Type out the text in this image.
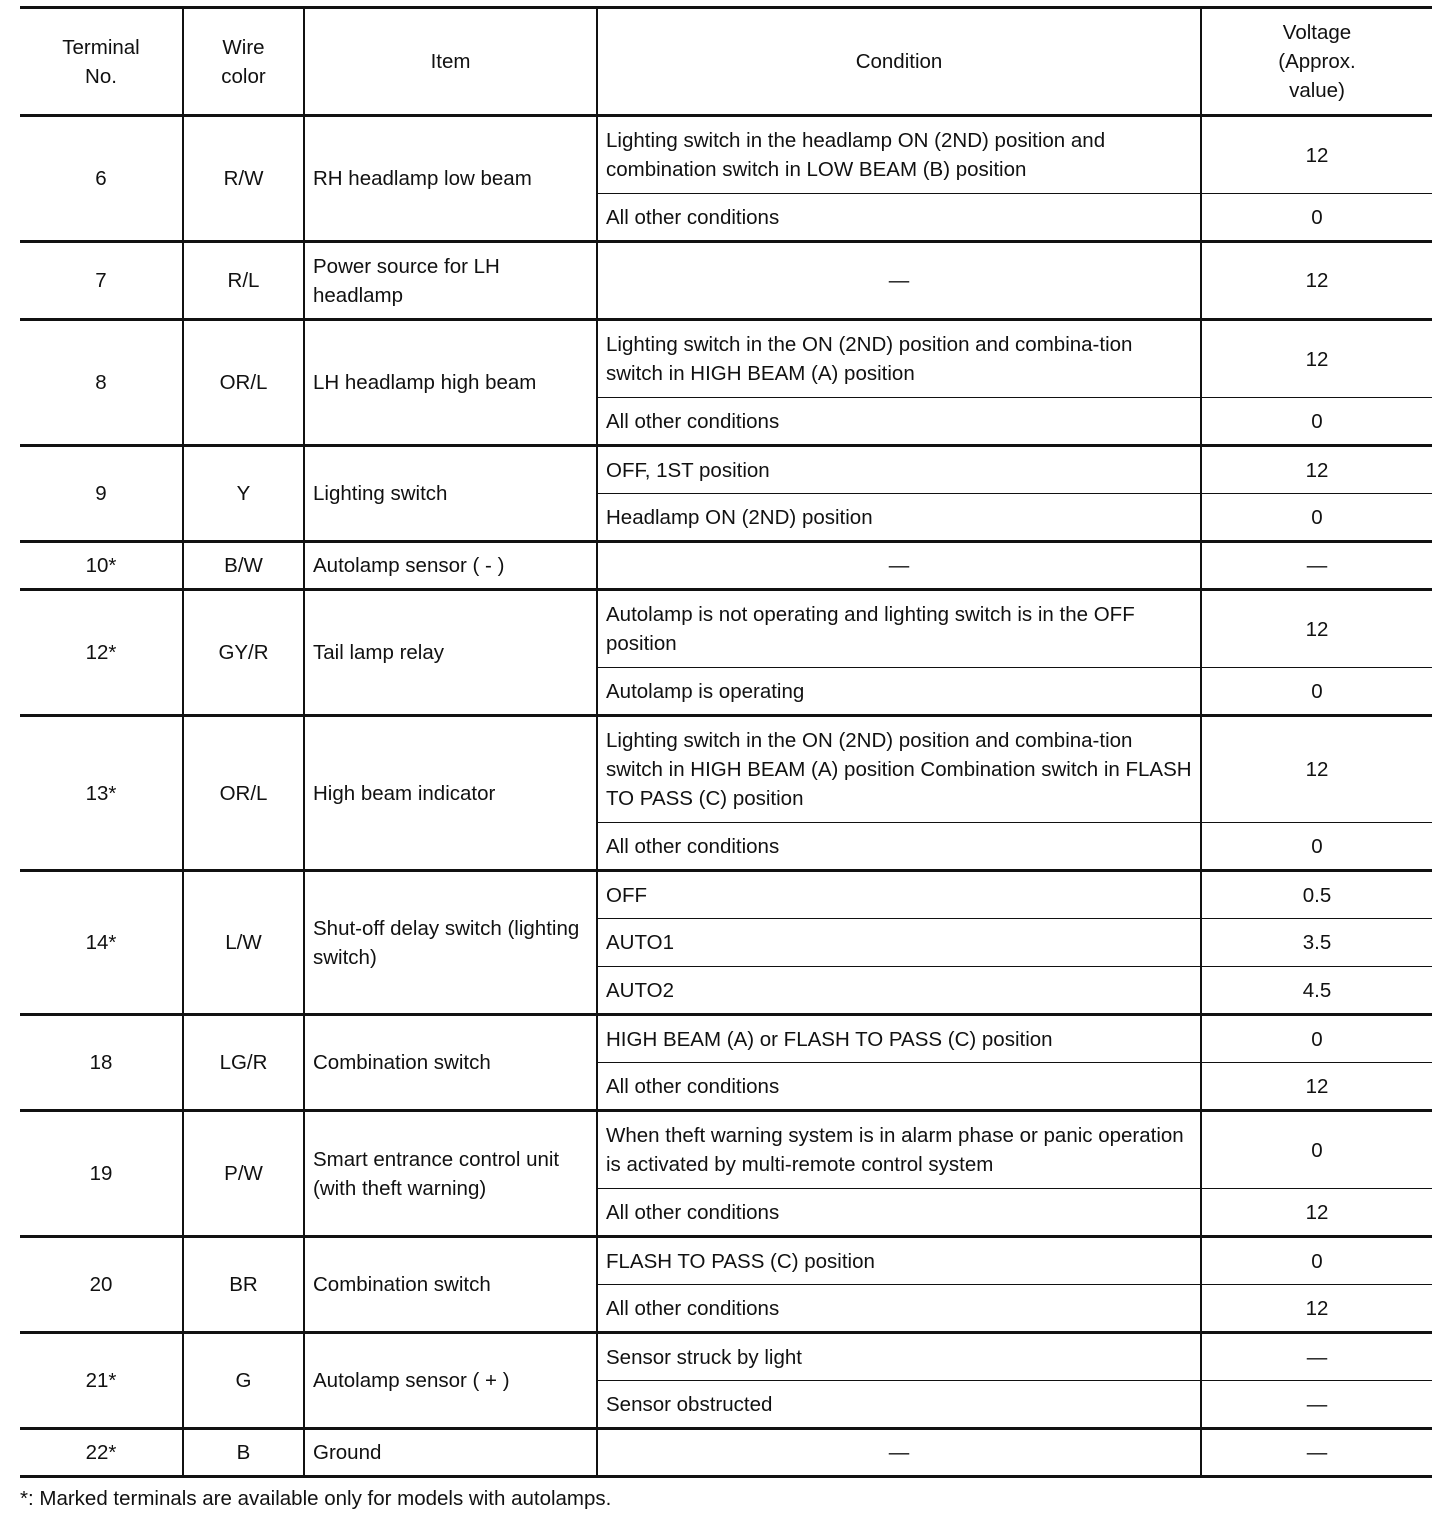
Terminal No.	Wire color	Item	Condition	Voltage (Approx. value)
6	R/W	RH headlamp low beam	Lighting switch in the headlamp ON (2ND) position and combination switch in LOW BEAM (B) position	12
			All other conditions	0
7	R/L	Power source for LH headlamp	—	12
8	OR/L	LH headlamp high beam	Lighting switch in the ON (2ND) position and combina-tion switch in HIGH BEAM (A) position	12
			All other conditions	0
9	Y	Lighting switch	OFF, 1ST position	12
			Headlamp ON (2ND) position	0
10*	B/W	Autolamp sensor ( - )	—	—
12*	GY/R	Tail lamp relay	Autolamp is not operating and lighting switch is in the OFF position	12
			Autolamp is operating	0
13*	OR/L	High beam indicator	Lighting switch in the ON (2ND) position and combina-tion switch in HIGH BEAM (A) position Combination switch in FLASH TO PASS (C) position	12
			All other conditions	0
14*	L/W	Shut-off delay switch (lighting switch)	OFF	0.5
			AUTO1	3.5
			AUTO2	4.5
18	LG/R	Combination switch	HIGH BEAM (A) or FLASH TO PASS (C) position	0
			All other conditions	12
19	P/W	Smart entrance control unit (with theft warning)	When theft warning system is in alarm phase or panic operation is activated by multi-remote control system	0
			All other conditions	12
20	BR	Combination switch	FLASH TO PASS (C) position	0
			All other conditions	12
21*	G	Autolamp sensor ( + )	Sensor struck by light	—
			Sensor obstructed	—
22*	B	Ground	—	—
*: Marked terminals are available only for models with autolamps.
